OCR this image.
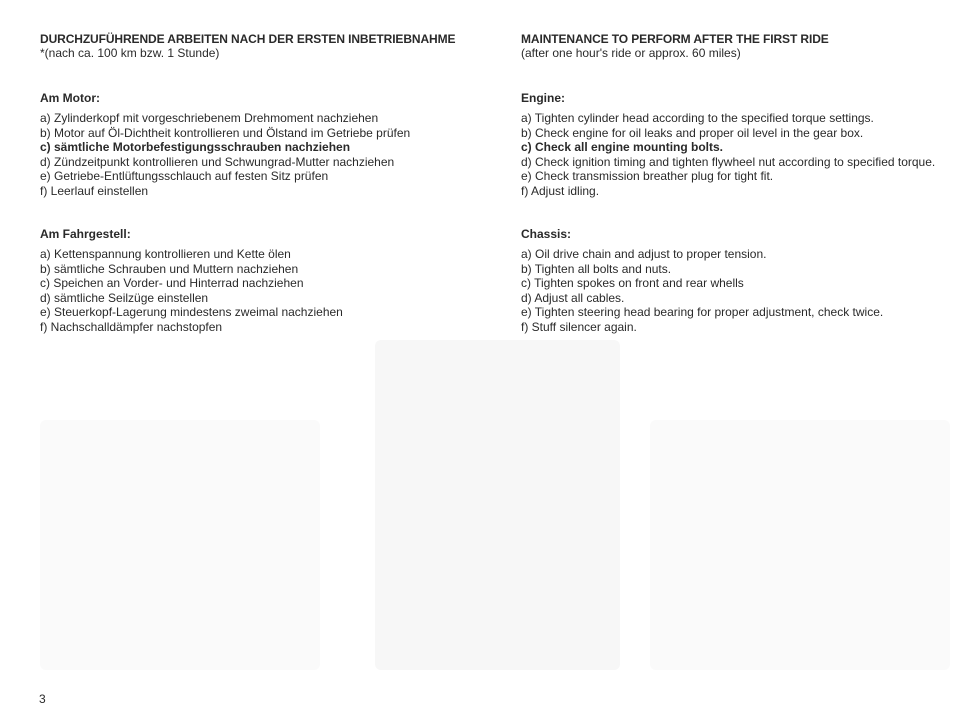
DURCHZUFÜHRENDE ARBEITEN NACH DER ERSTEN INBETRIEBNAHME
*(nach ca. 100 km bzw. 1 Stunde)
Am Motor:
a) Zylinderkopf mit vorgeschriebenem Drehmoment nachziehen
b) Motor auf Öl-Dichtheit kontrollieren und Ölstand im Getriebe prüfen
c) sämtliche Motorbefestigungsschrauben nachziehen
d) Zündzeitpunkt kontrollieren und Schwungrad-Mutter nachziehen
e) Getriebe-Entlüftungsschlauch auf festen Sitz prüfen
f) Leerlauf einstellen
Am Fahrgestell:
a) Kettenspannung kontrollieren und Kette ölen
b) sämtliche Schrauben und Muttern nachziehen
c) Speichen an Vorder- und Hinterrad nachziehen
d) sämtliche Seilzüge einstellen
e) Steuerkopf-Lagerung mindestens zweimal nachziehen
f) Nachschalldämpfer nachstopfen
MAINTENANCE TO PERFORM AFTER THE FIRST RIDE
(after one hour's ride or approx. 60 miles)
Engine:
a) Tighten cylinder head according to the specified torque settings.
b) Check engine for oil leaks and proper oil level in the gear box.
c) Check all engine mounting bolts.
d) Check ignition timing and tighten flywheel nut according to specified torque.
e) Check transmission breather plug for tight fit.
f) Adjust idling.
Chassis:
a) Oil drive chain and adjust to proper tension.
b) Tighten all bolts and nuts.
c) Tighten spokes on front and rear whells
d) Adjust all cables.
e) Tighten steering head bearing for proper adjustment, check twice.
f) Stuff silencer again.
3
